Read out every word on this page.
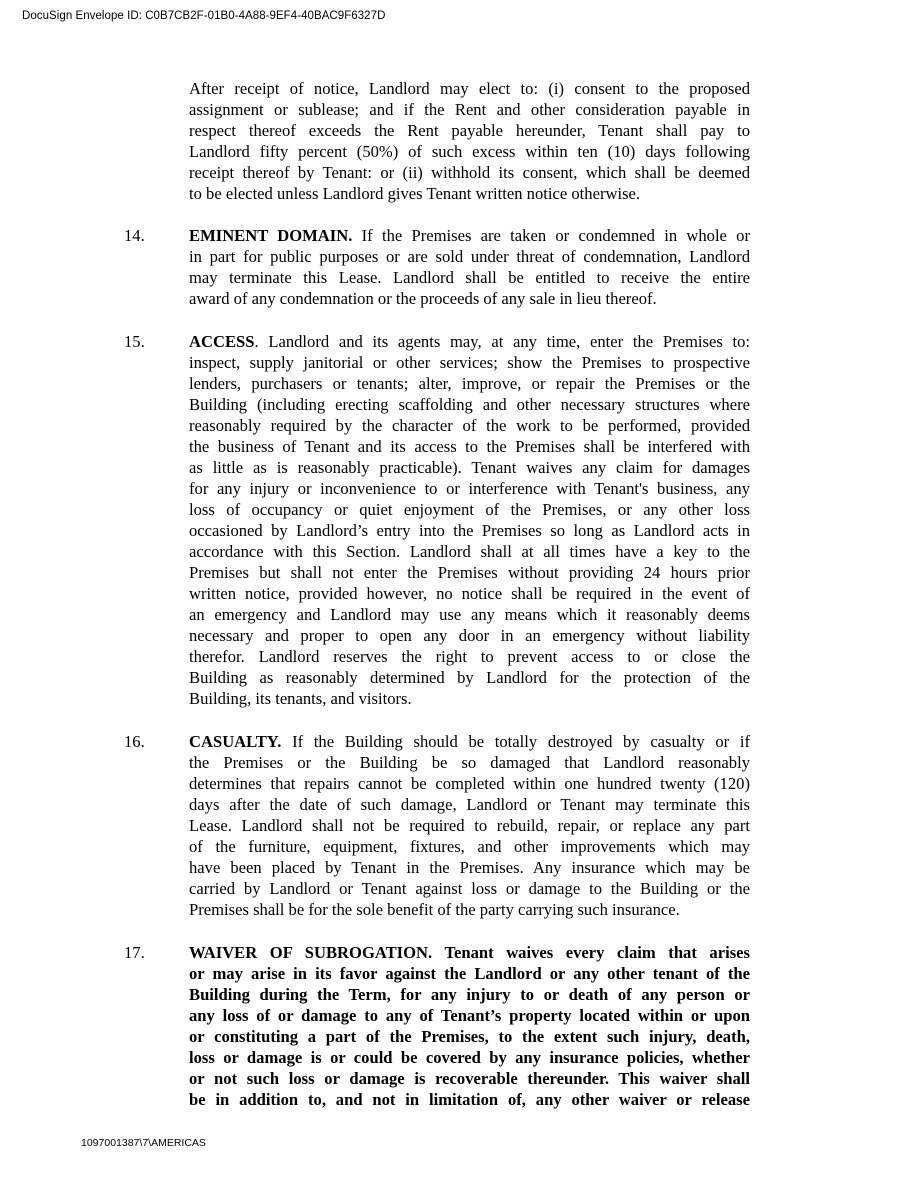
DocuSign Envelope ID: C0B7CB2F-01B0-4A88-9EF4-40BAC9F6327D
After receipt of notice, Landlord may elect to: (i) consent to the proposed
assignment or sublease; and if the Rent and other consideration payable in
respect thereof exceeds the Rent payable hereunder, Tenant shall pay to
Landlord fifty percent (50%) of such excess within ten (10) days following
receipt thereof by Tenant: or (ii) withhold its consent, which shall be deemed
to be elected unless Landlord gives Tenant written notice otherwise.
14.	EMINENT DOMAIN. If the Premises are taken or condemned in whole or
in part for public purposes or are sold under threat of condemnation, Landlord
may terminate this Lease. Landlord shall be entitled to receive the entire
award of any condemnation or the proceeds of any sale in lieu thereof.
15.	ACCESS. Landlord and its agents may, at any time, enter the Premises to:
inspect, supply janitorial or other services; show the Premises to prospective
lenders, purchasers or tenants; alter, improve, or repair the Premises or the
Building (including erecting scaffolding and other necessary structures where
reasonably required by the character of the work to be performed, provided
the business of Tenant and its access to the Premises shall be interfered with
as little as is reasonably practicable). Tenant waives any claim for damages
for any injury or inconvenience to or interference with Tenant's business, any
loss of occupancy or quiet enjoyment of the Premises, or any other loss
occasioned by Landlord’s entry into the Premises so long as Landlord acts in
accordance with this Section. Landlord shall at all times have a key to the
Premises but shall not enter the Premises without providing 24 hours prior
written notice, provided however, no notice shall be required in the event of
an emergency and Landlord may use any means which it reasonably deems
necessary and proper to open any door in an emergency without liability
therefor. Landlord reserves the right to prevent access to or close the
Building as reasonably determined by Landlord for the protection of the
Building, its tenants, and visitors.
16.	CASUALTY. If the Building should be totally destroyed by casualty or if
the Premises or the Building be so damaged that Landlord reasonably
determines that repairs cannot be completed within one hundred twenty (120)
days after the date of such damage, Landlord or Tenant may terminate this
Lease. Landlord shall not be required to rebuild, repair, or replace any part
of the furniture, equipment, fixtures, and other improvements which may
have been placed by Tenant in the Premises. Any insurance which may be
carried by Landlord or Tenant against loss or damage to the Building or the
Premises shall be for the sole benefit of the party carrying such insurance.
17.	WAIVER OF SUBROGATION. Tenant waives every claim that arises
or may arise in its favor against the Landlord or any other tenant of the
Building during the Term, for any injury to or death of any person or
any loss of or damage to any of Tenant’s property located within or upon
or constituting a part of the Premises, to the extent such injury, death,
loss or damage is or could be covered by any insurance policies, whether
or not such loss or damage is recoverable thereunder. This waiver shall
be in addition to, and not in limitation of, any other waiver or release
1097001387\7\AMERICAS
